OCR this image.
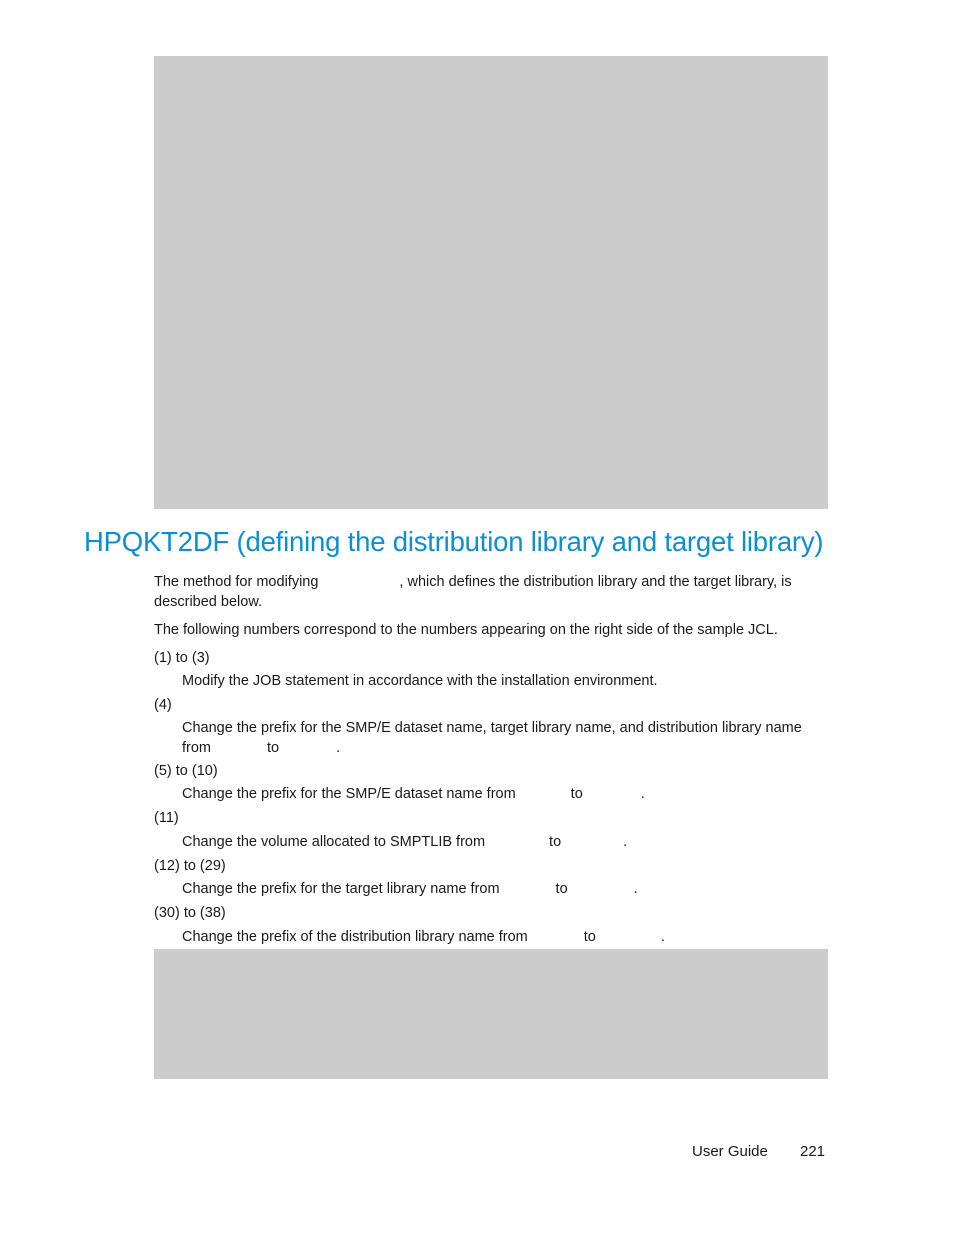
HPQKT2DF (defining the distribution library and target library)

The method for modifying	, which defines the distribution library and the target library, is

described below.

The following numbers correspond to the numbers appearing on the right side of the sample JCL.

(1) to (3)

Modify the JOB statement in accordance with the installation environment.

(4)

Change the prefix for the SMP/E dataset name, target library name, and distribution library name

from	to	.

(5) to (10)

Change the prefix for the SMP/E dataset name from	to	.

(11)

Change the volume allocated to SMPTLIB from	to	.

(12) to (29)

Change the prefix for the target library name from	to	.

(30) to (38)

Change the prefix of the distribution library name from	to	.

User Guide 221
